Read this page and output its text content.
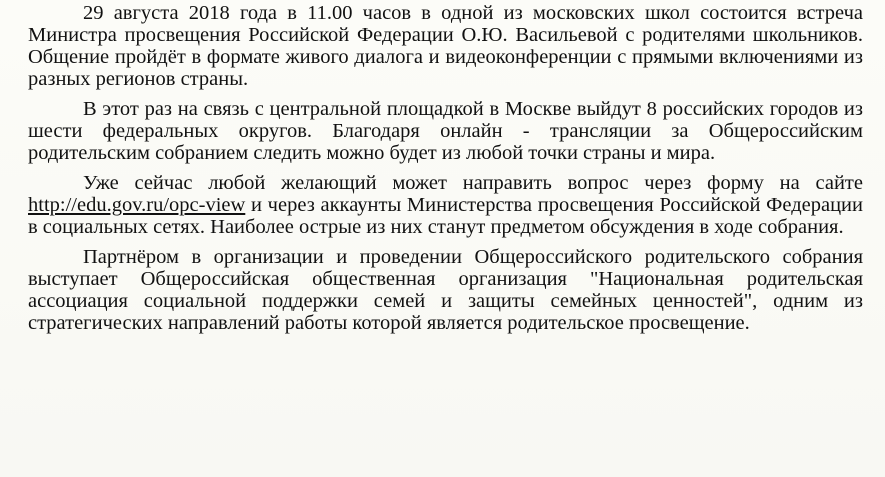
29 августа 2018 года в 11.00 часов в одной из московских школ состоится встреча Министра просвещения Российской Федерации О.Ю. Васильевой с родителями школьников. Общение пройдёт в формате живого диалога и видеоконференции с прямыми включениями из разных регионов страны.

В этот раз на связь с центральной площадкой в Москве выйдут 8 российских городов из шести федеральных округов. Благодаря онлайн - трансляции за Общероссийским родительским собранием следить можно будет из любой точки страны и мира.

Уже сейчас любой желающий может направить вопрос через форму на сайте http://edu.gov.ru/opc-view и через аккаунты Министерства просвещения Российской Федерации в социальных сетях. Наиболее острые из них станут предметом обсуждения в ходе собрания.

Партнёром в организации и проведении Общероссийского родительского собрания выступает Общероссийская общественная организация "Национальная родительская ассоциация социальной поддержки семей и защиты семейных ценностей", одним из стратегических направлений работы которой является родительское просвещение.
